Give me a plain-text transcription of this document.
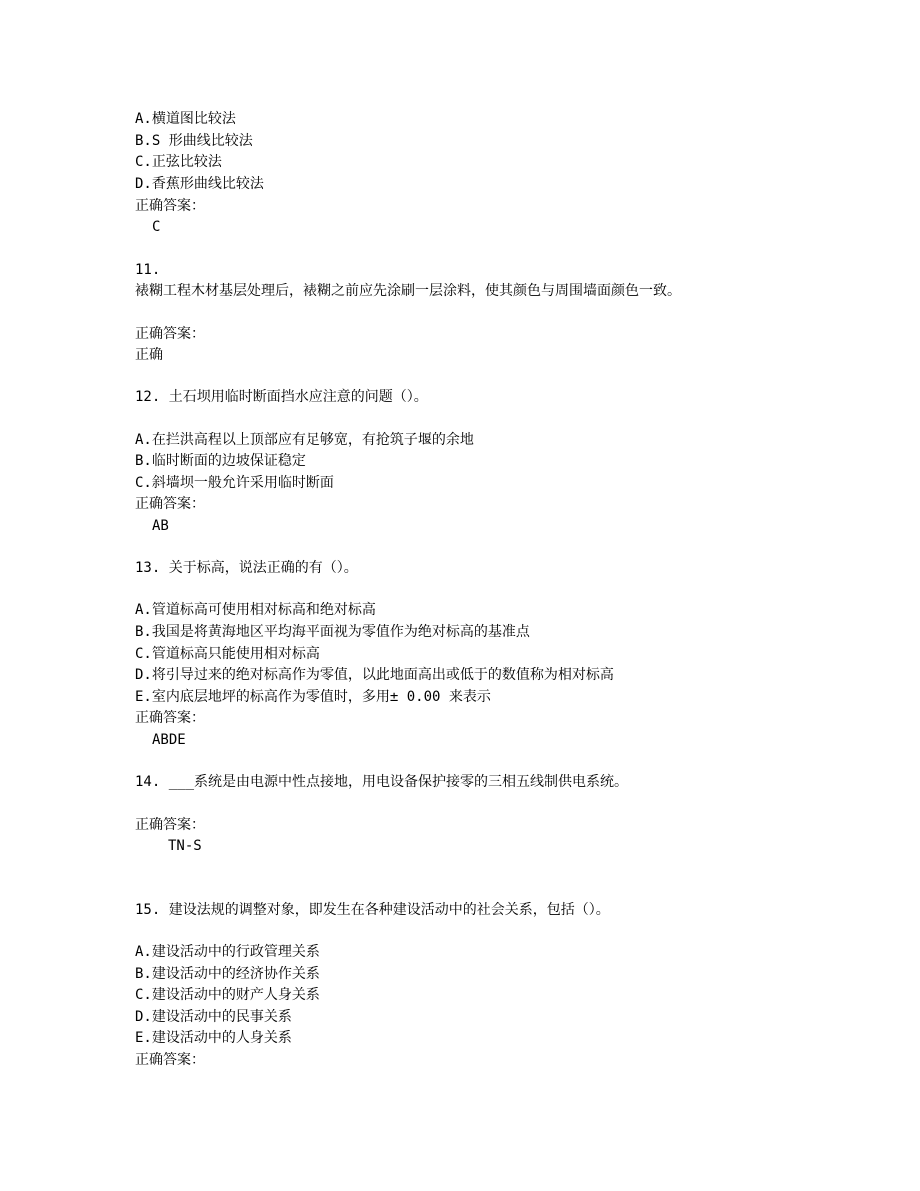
A.横道图比较法
B.S 形曲线比较法
C.正弦比较法
D.香蕉形曲线比较法
正确答案：
C
11.
裱糊工程木材基层处理后，裱糊之前应先涂刷一层涂料，使其颜色与周围墙面颜色一致。
正确答案：
正确
12. 土石坝用临时断面挡水应注意的问题（）。
A.在拦洪高程以上顶部应有足够宽，有抢筑子堰的余地
B.临时断面的边坡保证稳定
C.斜墙坝一般允许采用临时断面
正确答案：
AB
13. 关于标高，说法正确的有（）。
A.管道标高可使用相对标高和绝对标高
B.我国是将黄海地区平均海平面视为零值作为绝对标高的基准点
C.管道标高只能使用相对标高
D.将引导过来的绝对标高作为零值，以此地面高出或低于的数值称为相对标高
E.室内底层地坪的标高作为零值时，多用± 0.00 来表示
正确答案：
ABDE
14. ___系统是由电源中性点接地，用电设备保护接零的三相五线制供电系统。
正确答案：
TN-S
15. 建设法规的调整对象，即发生在各种建设活动中的社会关系，包括（）。
A.建设活动中的行政管理关系
B.建设活动中的经济协作关系
C.建设活动中的财产人身关系
D.建设活动中的民事关系
E.建设活动中的人身关系
正确答案：
